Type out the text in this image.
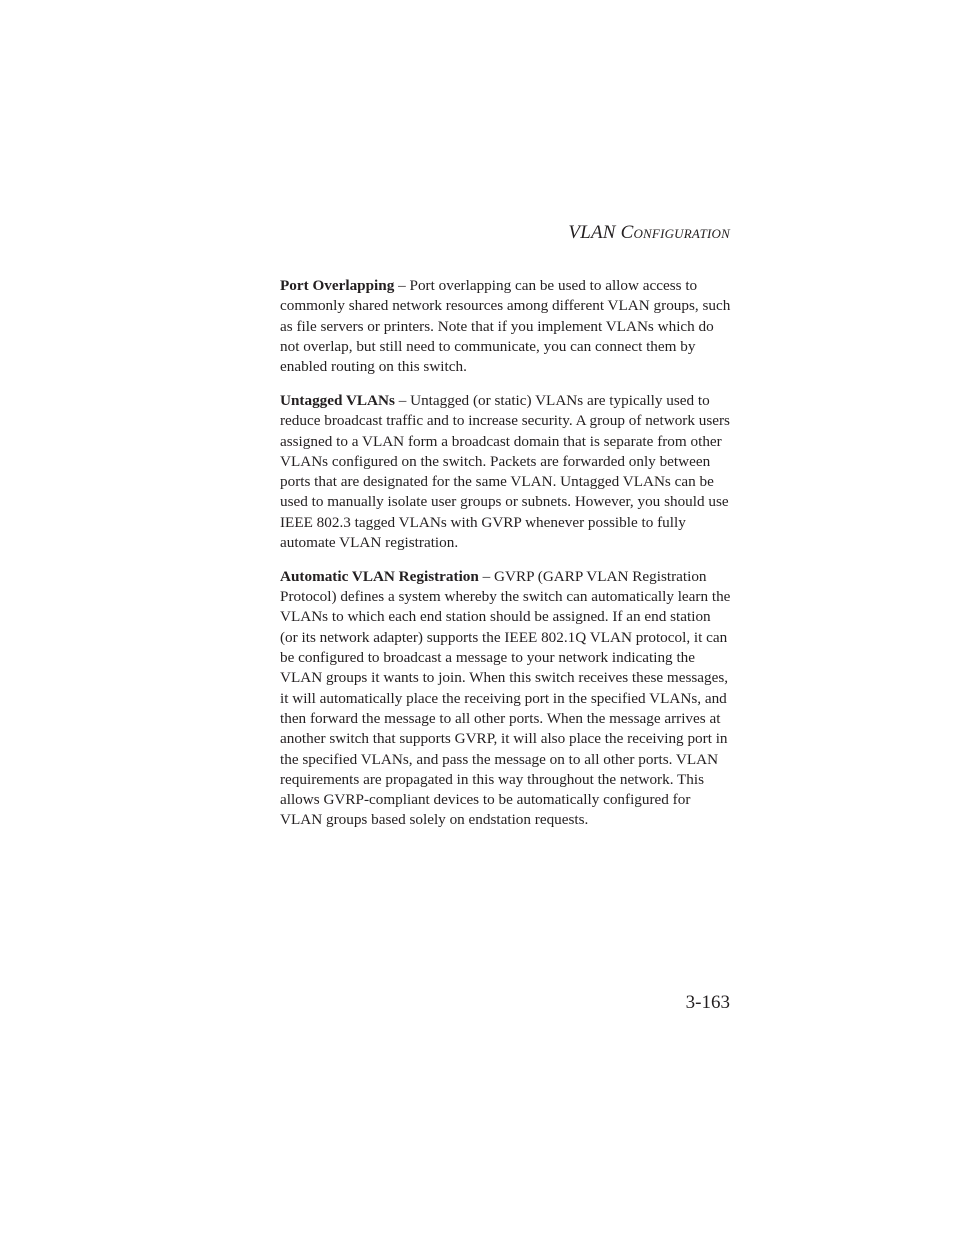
VLAN CONFIGURATION

Port Overlapping – Port overlapping can be used to allow access to commonly shared network resources among different VLAN groups, such as file servers or printers. Note that if you implement VLANs which do not overlap, but still need to communicate, you can connect them by enabled routing on this switch.

Untagged VLANs – Untagged (or static) VLANs are typically used to reduce broadcast traffic and to increase security. A group of network users assigned to a VLAN form a broadcast domain that is separate from other VLANs configured on the switch. Packets are forwarded only between ports that are designated for the same VLAN. Untagged VLANs can be used to manually isolate user groups or subnets. However, you should use IEEE 802.3 tagged VLANs with GVRP whenever possible to fully automate VLAN registration.

Automatic VLAN Registration – GVRP (GARP VLAN Registration Protocol) defines a system whereby the switch can automatically learn the VLANs to which each end station should be assigned. If an end station (or its network adapter) supports the IEEE 802.1Q VLAN protocol, it can be configured to broadcast a message to your network indicating the VLAN groups it wants to join. When this switch receives these messages, it will automatically place the receiving port in the specified VLANs, and then forward the message to all other ports. When the message arrives at another switch that supports GVRP, it will also place the receiving port in the specified VLANs, and pass the message on to all other ports. VLAN requirements are propagated in this way throughout the network. This allows GVRP-compliant devices to be automatically configured for VLAN groups based solely on endstation requests.

3-163
